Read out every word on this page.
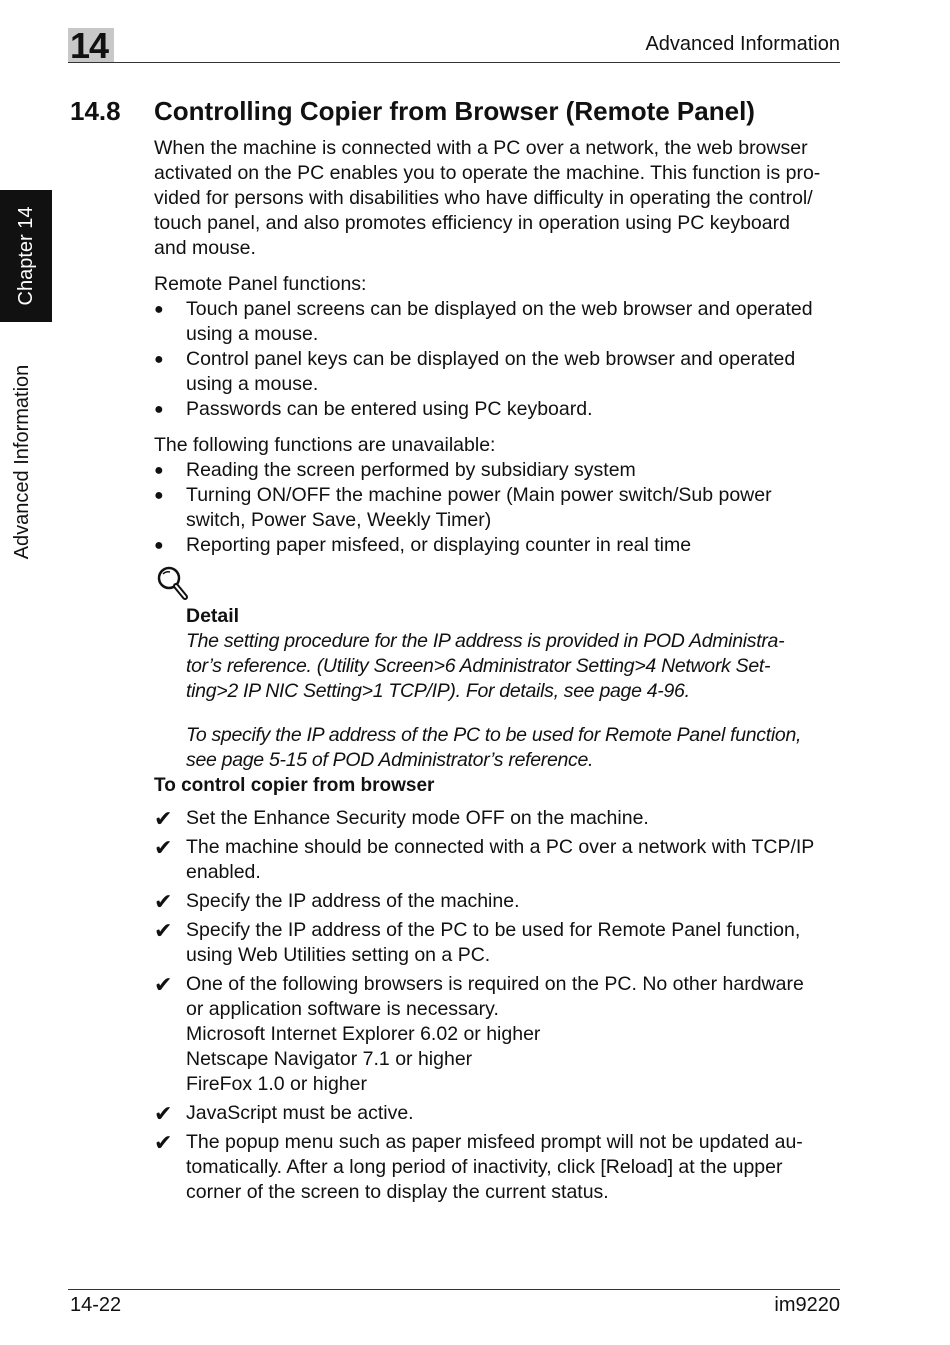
14	Advanced Information
Chapter 14
Advanced Information
14.8 Controlling Copier from Browser (Remote Panel)

When the machine is connected with a PC over a network, the web browser
activated on the PC enables you to operate the machine. This function is pro-
vided for persons with disabilities who have difficulty in operating the control/
touch panel, and also promotes efficiency in operation using PC keyboard
and mouse.

Remote Panel functions:

●	Touch panel screens can be displayed on the web browser and operated
using a mouse.
●	Control panel keys can be displayed on the web browser and operated
using a mouse.
●	Passwords can be entered using PC keyboard.

The following functions are unavailable:

●	Reading the screen performed by subsidiary system
●	Turning ON/OFF the machine power (Main power switch/Sub power
switch, Power Save, Weekly Timer)
●	Reporting paper misfeed, or displaying counter in real time

Detail

The setting procedure for the IP address is provided in POD Administra-
tor’s reference. (Utility Screen>6 Administrator Setting>4 Network Set-
ting>2 IP NIC Setting>1 TCP/IP). For details, see page 4-96.

To specify the IP address of the PC to be used for Remote Panel function,
see page 5-15 of POD Administrator’s reference.

To control copier from browser

✔ Set the Enhance Security mode OFF on the machine.
✔ The machine should be connected with a PC over a network with TCP/IP
enabled.
✔ Specify the IP address of the machine.
✔ Specify the IP address of the PC to be used for Remote Panel function,
using Web Utilities setting on a PC.
✔ One of the following browsers is required on the PC. No other hardware
or application software is necessary.
Microsoft Internet Explorer 6.02 or higher
Netscape Navigator 7.1 or higher
FireFox 1.0 or higher
✔ JavaScript must be active.
✔ The popup menu such as paper misfeed prompt will not be updated au-
tomatically. After a long period of inactivity, click [Reload] at the upper
corner of the screen to display the current status.
14-22	im9220
